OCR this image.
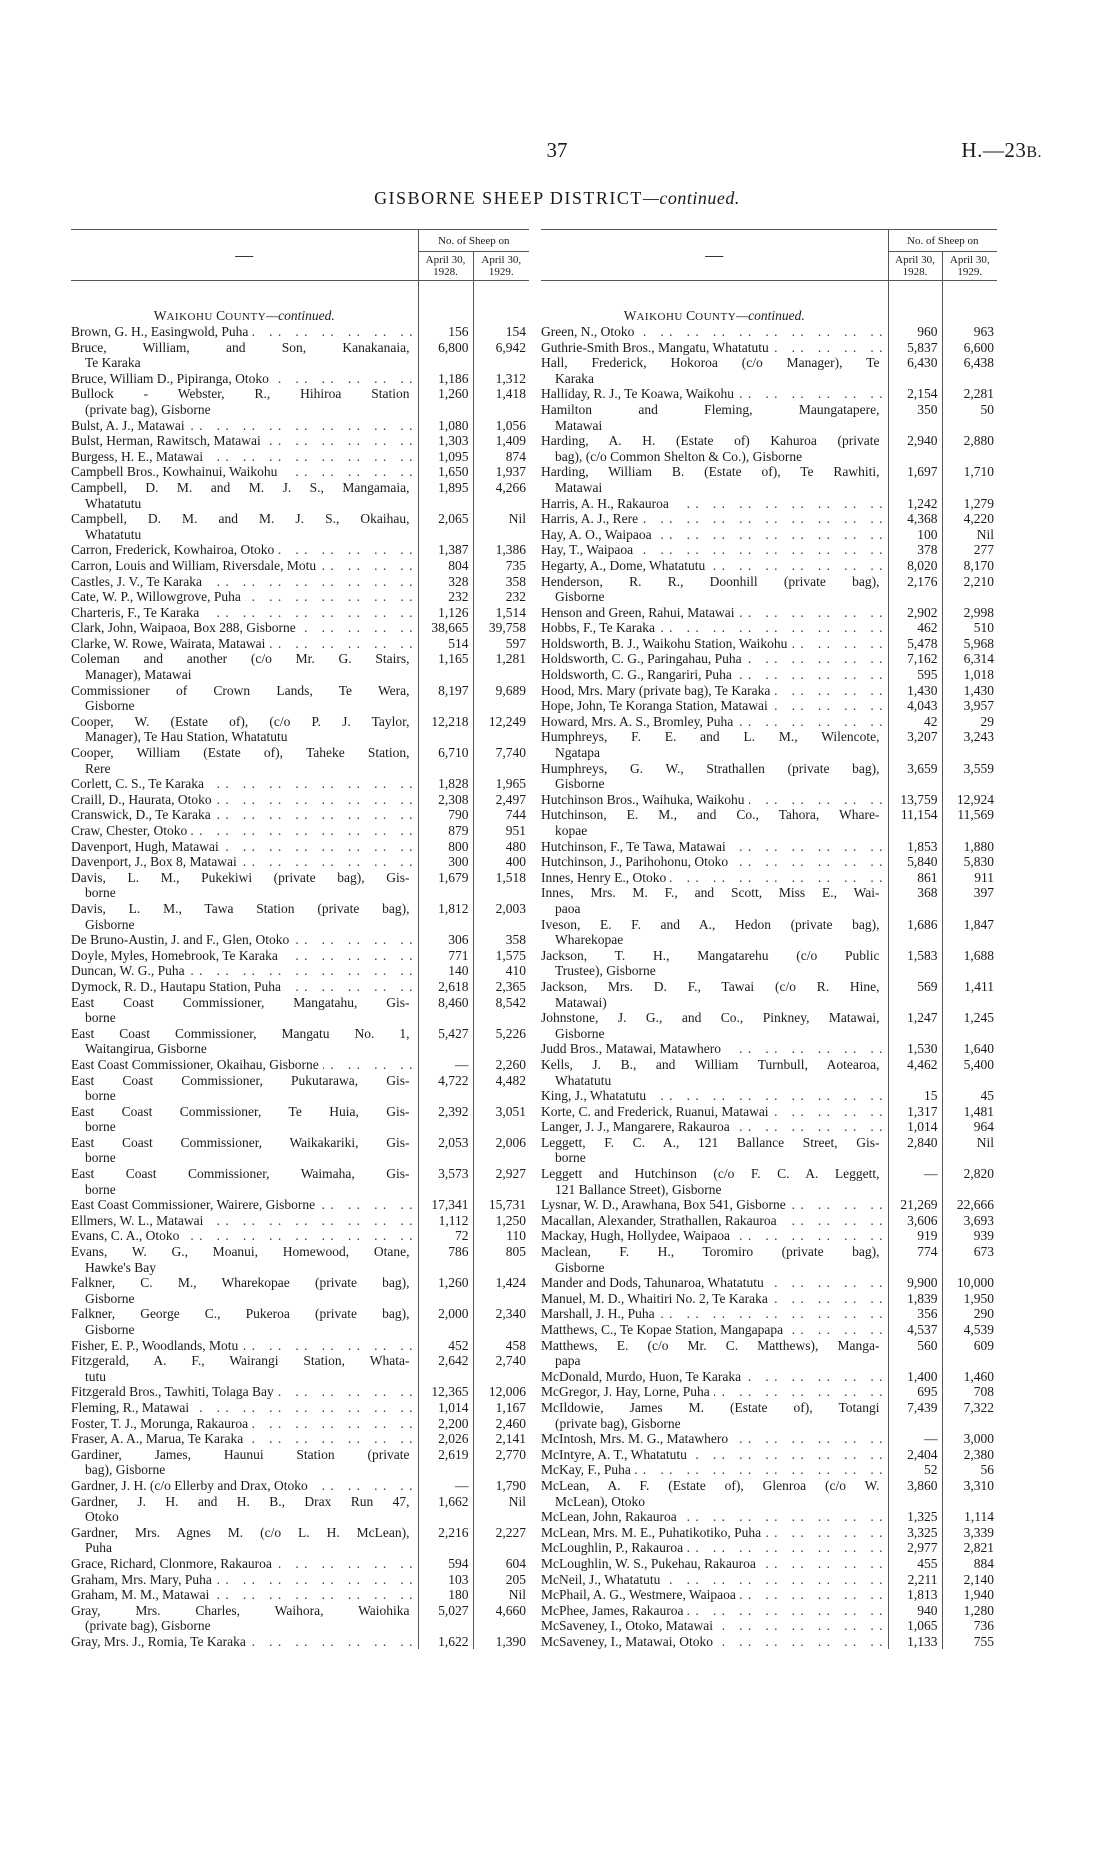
37	H.—23B.
GISBORNE SHEEP DISTRICT—continued.
—	No. of Sheep on	
	April 30, 1928.	April 30, 1929.

WAIKOHU COUNTY—continued.		

Brown, G. H., Easingwold, Puha . .	156	154

Bruce, William, and Son, Kanakanaia,
Te Karaka	6,800	6,942

Bruce, William D., Pipiranga, Otoko . .	1,186	1,312

Bullock - Webster, R., Hihiroa Station
(private bag), Gisborne	1,260	1,418

Bulst, A. J., Matawai . .	1,080	1,056

Bulst, Herman, Rawitsch, Matawai . .	1,303	1,409

Burgess, H. E., Matawai . .	1,095	874

Campbell Bros., Kowhainui, Waikohu . .	1,650	1,937

Campbell, D. M. and M. J. S., Mangamaia,
Whatatutu	1,895	4,266

Campbell, D. M. and M. J. S., Okaihau,
Whatatutu	2,065	Nil

Carron, Frederick, Kowhairoa, Otoko . .	1,387	1,386

Carron, Louis and William, Riversdale, Motu . .	804	735

Castles, J. V., Te Karaka . .	328	358

Cate, W. P., Willowgrove, Puha . .	232	232

Charteris, F., Te Karaka . .	1,126	1,514

Clark, John, Waipaoa, Box 288, Gisborne . .	38,665	39,758

Clarke, W. Rowe, Wairata, Matawai . .	514	597

Coleman and another (c/o Mr. G. Stairs,
Manager), Matawai	1,165	1,281

Commissioner of Crown Lands, Te Wera,
Gisborne	8,197	9,689

Cooper, W. (Estate of), (c/o P. J. Taylor,
Manager), Te Hau Station, Whatatutu	12,218	12,249

Cooper, William (Estate of), Taheke Station,
Rere	6,710	7,740

Corlett, C. S., Te Karaka . .	1,828	1,965

Craill, D., Haurata, Otoko . .	2,308	2,497

Cranswick, D., Te Karaka . .	790	744

Craw, Chester, Otoko . .	879	951

Davenport, Hugh, Matawai . .	800	480

Davenport, J., Box 8, Matawai . .	300	400

Davis, L. M., Pukekiwi (private bag), Gis-
borne	1,679	1,518

Davis, L. M., Tawa Station (private bag),
Gisborne	1,812	2,003

De Bruno-Austin, J. and F., Glen, Otoko . .	306	358

Doyle, Myles, Homebrook, Te Karaka . .	771	1,575

Duncan, W. G., Puha . .	140	410

Dymock, R. D., Hautapu Station, Puha . .	2,618	2,365

East Coast Commissioner, Mangatahu, Gis-
borne	8,460	8,542

East Coast Commissioner, Mangatu No. 1,
Waitangirua, Gisborne	5,427	5,226

East Coast Commissioner, Okaihau, Gisborne . .	—	2,260

East Coast Commissioner, Pukutarawa, Gis-
borne	4,722	4,482

East Coast Commissioner, Te Huia, Gis-
borne	2,392	3,051

East Coast Commissioner, Waikakariki, Gis-
borne	2,053	2,006

East Coast Commissioner, Waimaha, Gis-
borne	3,573	2,927

East Coast Commissioner, Wairere, Gisborne . .	17,341	15,731

Ellmers, W. L., Matawai . .	1,112	1,250

Evans, C. A., Otoko . .	72	110

Evans, W. G., Moanui, Homewood, Otane,
Hawke's Bay	786	805

Falkner, C. M., Wharekopae (private bag),
Gisborne	1,260	1,424

Falkner, George C., Pukeroa (private bag),
Gisborne	2,000	2,340

Fisher, E. P., Woodlands, Motu . .	452	458

Fitzgerald, A. F., Wairangi Station, Whata-
tutu	2,642	2,740

Fitzgerald Bros., Tawhiti, Tolaga Bay . .	12,365	12,006

Fleming, R., Matawai . .	1,014	1,167

Foster, T. J., Morunga, Rakauroa . .	2,200	2,460

Fraser, A. A., Marua, Te Karaka . .	2,026	2,141

Gardiner, James, Haunui Station (private
bag), Gisborne	2,619	2,770

Gardner, J. H. (c/o Ellerby and Drax, Otoko . .	—	1,790

Gardner, J. H. and H. B., Drax Run 47,
Otoko	1,662	Nil

Gardner, Mrs. Agnes M. (c/o L. H. McLean),
Puha	2,216	2,227

Grace, Richard, Clonmore, Rakauroa . .	594	604

Graham, Mrs. Mary, Puha . .	103	205

Graham, M. M., Matawai . .	180	Nil

Gray, Mrs. Charles, Waihora, Waiohika
(private bag), Gisborne	5,027	4,660

Gray, Mrs. J., Romia, Te Karaka . .	1,622	1,390
—	No. of Sheep on	
	April 30, 1928.	April 30, 1929.

WAIKOHU COUNTY—continued.		

Green, N., Otoko . .	960	963

Guthrie-Smith Bros., Mangatu, Whatatutu . .	5,837	6,600

Hall, Frederick, Hokoroa (c/o Manager), Te
Karaka	6,430	6,438

Halliday, R. J., Te Koawa, Waikohu . .	2,154	2,281

Hamilton and Fleming, Maungatapere,
Matawai	350	50

Harding, A. H. (Estate of) Kahuroa (private
bag), (c/o Common Shelton & Co.), Gisborne	2,940	2,880

Harding, William B. (Estate of), Te Rawhiti,
Matawai	1,697	1,710

Harris, A. H., Rakauroa . .	1,242	1,279

Harris, A. J., Rere . .	4,368	4,220

Hay, A. O., Waipaoa . .	100	Nil

Hay, T., Waipaoa . .	378	277

Hegarty, A., Dome, Whatatutu . .	8,020	8,170

Henderson, R. R., Doonhill (private bag),
Gisborne	2,176	2,210

Henson and Green, Rahui, Matawai . .	2,902	2,998

Hobbs, F., Te Karaka . .	462	510

Holdsworth, B. J., Waikohu Station, Waikohu . .	5,478	5,968

Holdsworth, C. G., Paringahau, Puha . .	7,162	6,314

Holdsworth, C. G., Rangariri, Puha . .	595	1,018

Hood, Mrs. Mary (private bag), Te Karaka . .	1,430	1,430

Hope, John, Te Koranga Station, Matawai . .	4,043	3,957

Howard, Mrs. A. S., Bromley, Puha . .	42	29

Humphreys, F. E. and L. M., Wilencote,
Ngatapa	3,207	3,243

Humphreys, G. W., Strathallen (private bag),
Gisborne	3,659	3,559

Hutchinson Bros., Waihuka, Waikohu . .	13,759	12,924

Hutchinson, E. M., and Co., Tahora, Whare-
kopae	11,154	11,569

Hutchinson, F., Te Tawa, Matawai . .	1,853	1,880

Hutchinson, J., Parihohonu, Otoko . .	5,840	5,830

Innes, Henry E., Otoko . .	861	911

Innes, Mrs. M. F., and Scott, Miss E., Wai-
paoa	368	397

Iveson, E. F. and A., Hedon (private bag),
Wharekopae	1,686	1,847

Jackson, T. H., Mangatarehu (c/o Public
Trustee), Gisborne	1,583	1,688

Jackson, Mrs. D. F., Tawai (c/o R. Hine,
Matawai)	569	1,411

Johnstone, J. G., and Co., Pinkney, Matawai,
Gisborne	1,247	1,245

Judd Bros., Matawai, Matawhero . .	1,530	1,640

Kells, J. B., and William Turnbull, Aotearoa,
Whatatutu	4,462	5,400

King, J., Whatatutu . .	15	45

Korte, C. and Frederick, Ruanui, Matawai . .	1,317	1,481

Langer, J. J., Mangarere, Rakauroa . .	1,014	964

Leggett, F. C. A., 121 Ballance Street, Gis-
borne	2,840	Nil

Leggett and Hutchinson (c/o F. C. A. Leggett,
121 Ballance Street), Gisborne	—	2,820

Lysnar, W. D., Arawhana, Box 541, Gisborne . .	21,269	22,666

Macallan, Alexander, Strathallen, Rakauroa . .	3,606	3,693

Mackay, Hugh, Hollydee, Waipaoa . .	919	939

Maclean, F. H., Toromiro (private bag),
Gisborne	774	673

Mander and Dods, Tahunaroa, Whatatutu . .	9,900	10,000

Manuel, M. D., Whaitiri No. 2, Te Karaka . .	1,839	1,950

Marshall, J. H., Puha . .	356	290

Matthews, C., Te Kopae Station, Mangapapa . .	4,537	4,539

Matthews, E. (c/o Mr. C. Matthews), Manga-
papa	560	609

McDonald, Murdo, Huon, Te Karaka . .	1,400	1,460

McGregor, J. Hay, Lorne, Puha . .	695	708

McIldowie, James M. (Estate of), Totangi
(private bag), Gisborne	7,439	7,322

McIntosh, Mrs. M. G., Matawhero . .	—	3,000

McIntyre, A. T., Whatatutu . .	2,404	2,380

McKay, F., Puha . .	52	56

McLean, A. F. (Estate of), Glenroa (c/o W.
McLean), Otoko	3,860	3,310

McLean, John, Rakauroa . .	1,325	1,114

McLean, Mrs. M. E., Puhatikotiko, Puha . .	3,325	3,339

McLoughlin, P., Rakauroa . .	2,977	2,821

McLoughlin, W. S., Pukehau, Rakauroa . .	455	884

McNeil, J., Whatatutu . .	2,211	2,140

McPhail, A. G., Westmere, Waipaoa . .	1,813	1,940

McPhee, James, Rakauroa . .	940	1,280

McSaveney, I., Otoko, Matawai . .	1,065	736

McSaveney, I., Matawai, Otoko . .	1,133	755
